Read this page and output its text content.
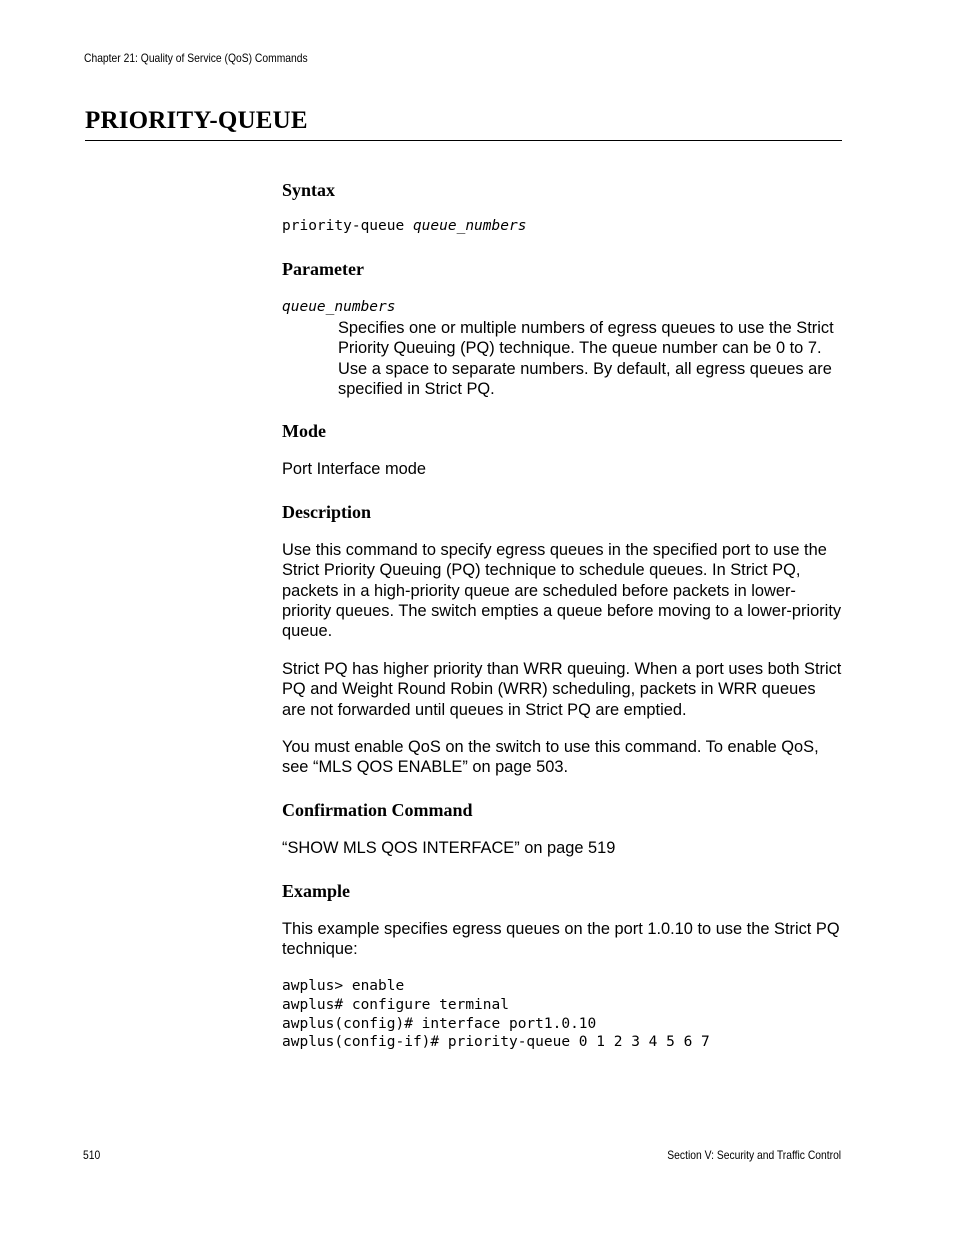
Chapter 21: Quality of Service (QoS) Commands
PRIORITY-QUEUE
Syntax
priority-queue queue_numbers
Parameter
queue_numbers

Specifies one or multiple numbers of egress queues to use the Strict Priority Queuing (PQ) technique. The queue number can be 0 to 7. Use a space to separate numbers. By default, all egress queues are specified in Strict PQ.

Mode

Port Interface mode

Description

Use this command to specify egress queues in the specified port to use the Strict Priority Queuing (PQ) technique to schedule queues. In Strict PQ, packets in a high-priority queue are scheduled before packets in lower-priority queues. The switch empties a queue before moving to a lower-priority queue.

Strict PQ has higher priority than WRR queuing. When a port uses both Strict PQ and Weight Round Robin (WRR) scheduling, packets in WRR queues are not forwarded until queues in Strict PQ are emptied.

You must enable QoS on the switch to use this command. To enable QoS, see “MLS QOS ENABLE” on page 503.

Confirmation Command

“SHOW MLS QOS INTERFACE” on page 519

Example

This example specifies egress queues on the port 1.0.10 to use the Strict PQ technique:

awplus> enable
awplus# configure terminal
awplus(config)# interface port1.0.10
awplus(config-if)# priority-queue 0 1 2 3 4 5 6 7
510	Section V: Security and Traffic Control
